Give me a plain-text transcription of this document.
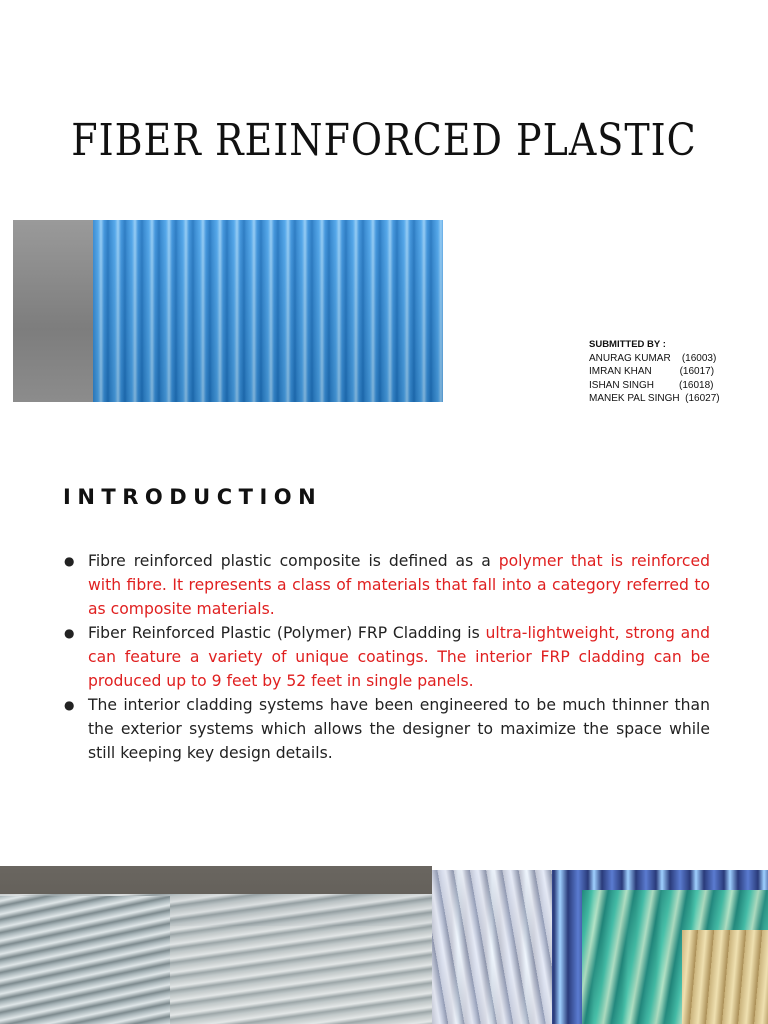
FIBER REINFORCED PLASTIC
SUBMITTED BY :
ANURAG KUMAR (16003)
IMRAN KHAN	(16017)
ISHAN SINGH	(16018)
MANEK PAL SINGH (16027)
INTRODUCTION
● Fibre reinforced plastic composite is defined as a polymer that is reinforced with fibre. It represents a class of materials that fall into a category referred to as composite materials.
● Fiber Reinforced Plastic (Polymer) FRP Cladding is ultra-lightweight, strong and can feature a variety of unique coatings. The interior FRP cladding can be produced up to 9 feet by 52 feet in single panels.
● The interior cladding systems have been engineered to be much thinner than the exterior systems which allows the designer to maximize the space while still keeping key design details.
